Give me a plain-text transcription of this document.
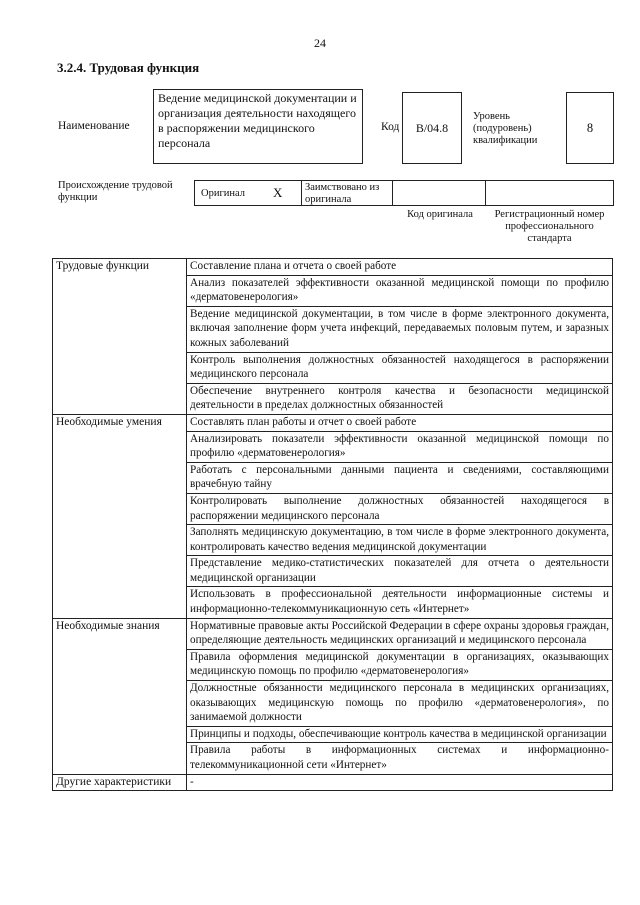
24
3.2.4. Трудовая функция
Наименование
Ведение медицинской документации и организация деятельности находящего в распоряжении медицинского персонала
Код	B/04.8
Уровень (подуровень) квалификации
8
Происхождение трудовой функции	Оригинал X Заимствовано из оригинала
Код оригинала	Регистрационный номер профессионального стандарта
Трудовые функции	Составление плана и отчета о своей работе
	Анализ показателей эффективности оказанной медицинской помощи по профилю «дерматовенерология»
	Ведение медицинской документации, в том числе в форме электронного документа, включая заполнение форм учета инфекций, передаваемых половым путем, и заразных кожных заболеваний
	Контроль выполнения должностных обязанностей находящегося в распоряжении медицинского персонала
	Обеспечение внутреннего контроля качества и безопасности медицинской деятельности в пределах должностных обязанностей
Необходимые умения	Составлять план работы и отчет о своей работе
	Анализировать показатели эффективности оказанной медицинской помощи по профилю «дерматовенерология»
	Работать с персональными данными пациента и сведениями, составляющими врачебную тайну
	Контролировать выполнение должностных обязанностей находящегося в распоряжении медицинского персонала
	Заполнять медицинскую документацию, в том числе в форме электронного документа, контролировать качество ведения медицинской документации
	Представление медико-статистических показателей для отчета о деятельности медицинской организации
	Использовать в профессиональной деятельности информационные системы и информационно-телекоммуникационную сеть «Интернет»
Необходимые знания	Нормативные правовые акты Российской Федерации в сфере охраны здоровья граждан, определяющие деятельность медицинских организаций и медицинского персонала
	Правила оформления медицинской документации в организациях, оказывающих медицинскую помощь по профилю «дерматовенерология»
	Должностные обязанности медицинского персонала в медицинских организациях, оказывающих медицинскую помощь по профилю «дерматовенерология», по занимаемой должности
	Принципы и подходы, обеспечивающие контроль качества в медицинской организации
	Правила работы в информационных системах и информационно-телекоммуникационной сети «Интернет»
Другие характеристики	-
